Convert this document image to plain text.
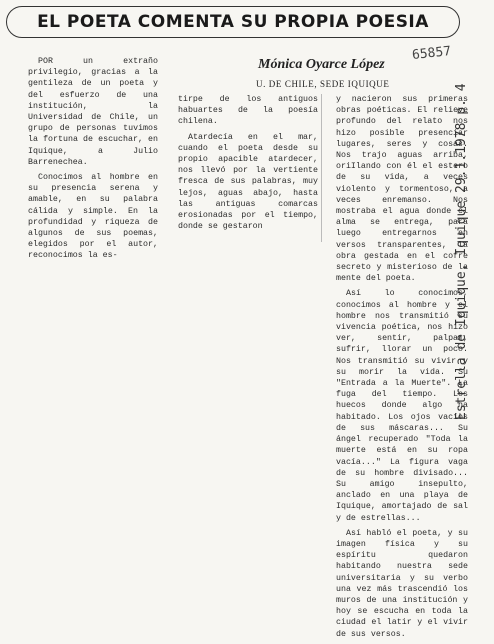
EL POETA COMENTA SU PROPIA POESIA
65857
Mónica Oyarce López
U. DE CHILE, SEDE IQUIQUE

POR un extraño privilegio, gracias a la gentileza de un poeta y del esfuerzo de una institución, la Universidad de Chile, un grupo de personas tuvimos la fortuna de escuchar, en Iquique, a Julio Barrenechea.

Conocimos al hombre en su presencia serena y amable, en su palabra cálida y simple. En la profundidad y riqueza de algunos de sus poemas, elegidos por el autor, reconocimos la es-

tirpe de los antiguos habuartes de la poesía chilena.

Atardecía en el mar, cuando el poeta desde su propio apacible atardecer, nos llevó por la vertiente fresca de sus palabras, muy lejos, aguas abajo, hasta las antiguas comarcas erosionadas por el tiempo, donde se gestaron

y nacieron sus primeras obras poéticas. El relieve profundo del relato nos hizo posible presenciar lugares, seres y cosas. Nos trajo aguas arriba, oriIlando con él el estero de su vida, a veces violento y tormentoso, a veces enremanso. Nos mostraba el agua donde el alma se entrega, para luego entregarnos en versos transparentes, la obra gestada en el cofre secreto y misterioso de la mente del poeta.

Así lo conocimos, conocimos al hombre y el hombre nos transmitió su vivencia poética, nos hizo ver, sentir, palpar, sufrir, llorar un poco. Nos transmitió su vivir y su morir la vida. Su "Entrada a la Muerte". La fuga del tiempo. Los huecos donde algo ha habitado. Los ojos vacíos de sus máscaras... Su ángel recuperado "Toda la muerte está en su ropa vacía..." La figura vaga de su hombre divisado... Su amigo insepulto, anclado en una playa de Iquique, amortajado de sal y de estrellas...

Así habló el poeta, y su imagen física y su espíritu quedaron habitando nuestra sede universitaria y su verbo una vez más trascendió los muros de una institución y hoy se escucha en toda la ciudad el latir y el vivir de sus versos.

Estrella de Iquique, Iquique 29.1.1978 p. 4
